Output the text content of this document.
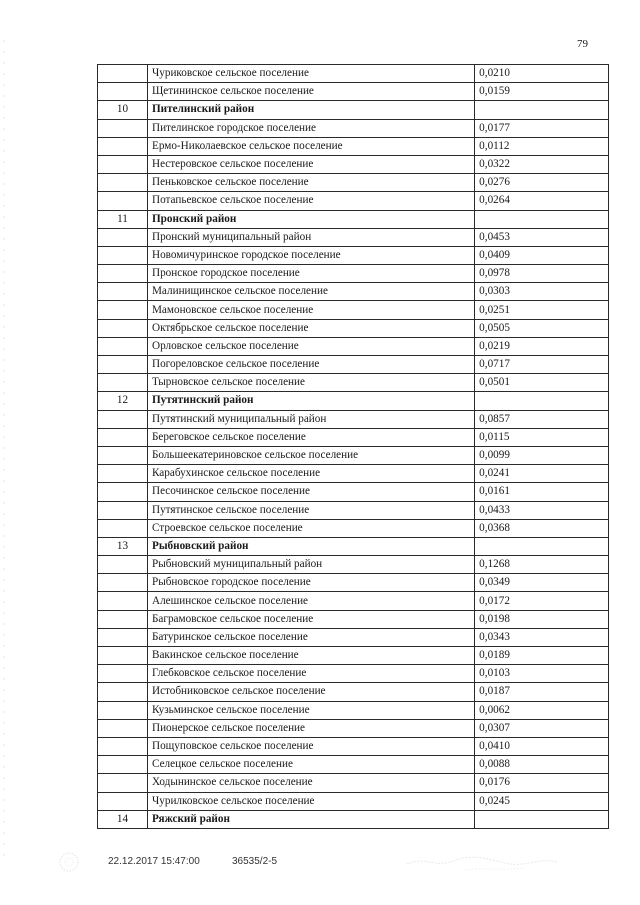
79
	Чуриковское сельское поселение	0,0210
	Щетининское сельское поселение	0,0159
10	Пителинский район	
	Пителинское городское поселение	0,0177
	Ермо-Николаевское сельское поселение	0,0112
	Нестеровское сельское поселение	0,0322
	Пеньковское сельское поселение	0,0276
	Потапьевское сельское поселение	0,0264
11	Пронский район	
	Пронский муниципальный район	0,0453
	Новомичуринское городское поселение	0,0409
	Пронское городское поселение	0,0978
	Малинищинское сельское поселение	0,0303
	Мамоновское сельское поселение	0,0251
	Октябрьское сельское поселение	0,0505
	Орловское сельское поселение	0,0219
	Погореловское сельское поселение	0,0717
	Тырновское сельское поселение	0,0501
12	Путятинский район	
	Путятинский муниципальный район	0,0857
	Береговское сельское поселение	0,0115
	Большеекатериновское сельское поселение	0,0099
	Карабухинское сельское поселение	0,0241
	Песочинское сельское поселение	0,0161
	Путятинское сельское поселение	0,0433
	Строевское сельское поселение	0,0368
13	Рыбновский район	
	Рыбновский муниципальный район	0,1268
	Рыбновское городское поселение	0,0349
	Алешинское сельское поселение	0,0172
	Баграмовское сельское поселение	0,0198
	Батуринское сельское поселение	0,0343
	Вакинское сельское поселение	0,0189
	Глебковское сельское поселение	0,0103
	Истобниковское сельское поселение	0,0187
	Кузьминское сельское поселение	0,0062
	Пионерское сельское поселение	0,0307
	Пощуповское сельское поселение	0,0410
	Селецкое сельское поселение	0,0088
	Ходынинское сельское поселение	0,0176
	Чурилковское сельское поселение	0,0245
14	Ряжский район	
22.12.2017 15:47:00	36535/2-5
